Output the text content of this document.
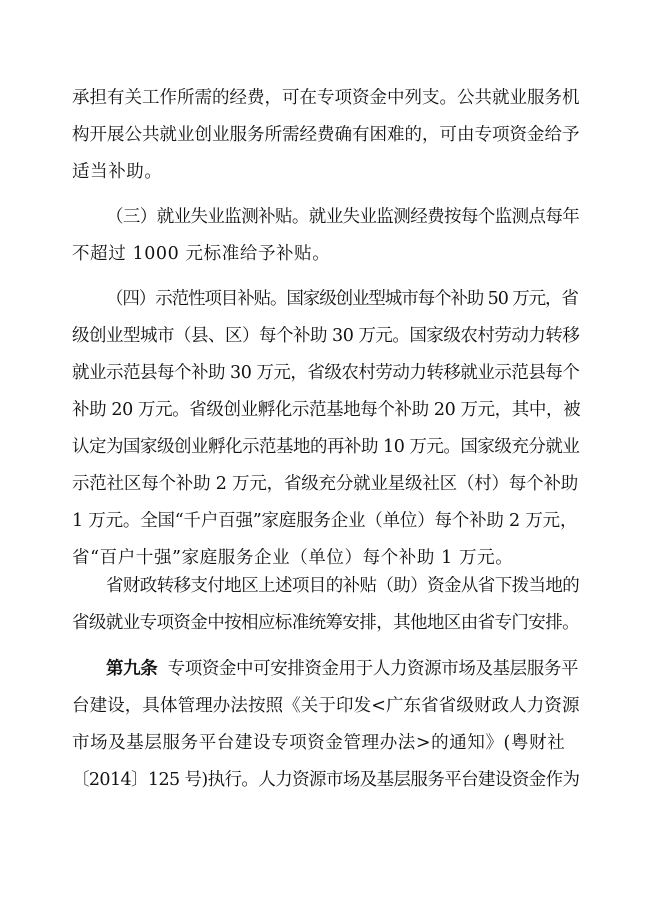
承担有关工作所需的经费，可在专项资金中列支。公共就业服务机
构开展公共就业创业服务所需经费确有困难的，可由专项资金给予
适当补助。
（三）就业失业监测补贴。就业失业监测经费按每个监测点每年
不超过 1000 元标准给予补贴。
（四）示范性项目补贴。国家级创业型城市每个补助 50 万元，省
级创业型城市（县、区）每个补助 30 万元。国家级农村劳动力转移
就业示范县每个补助 30 万元，省级农村劳动力转移就业示范县每个
补助 20 万元。省级创业孵化示范基地每个补助 20 万元，其中，被
认定为国家级创业孵化示范基地的再补助 10 万元。国家级充分就业
示范社区每个补助 2 万元，省级充分就业星级社区（村）每个补助
1 万元。全国“千户百强”家庭服务企业（单位）每个补助 2 万元，
省“百户十强”家庭服务企业（单位）每个补助 1 万元。
省财政转移支付地区上述项目的补贴（助）资金从省下拨当地的
省级就业专项资金中按相应标准统筹安排，其他地区由省专门安排。
第九条 专项资金中可安排资金用于人力资源市场及基层服务平
台建设，具体管理办法按照《关于印发<广东省省级财政人力资源
市场及基层服务平台建设专项资金管理办法>的通知》(粤财社
〔2014〕125 号)执行。人力资源市场及基层服务平台建设资金作为
